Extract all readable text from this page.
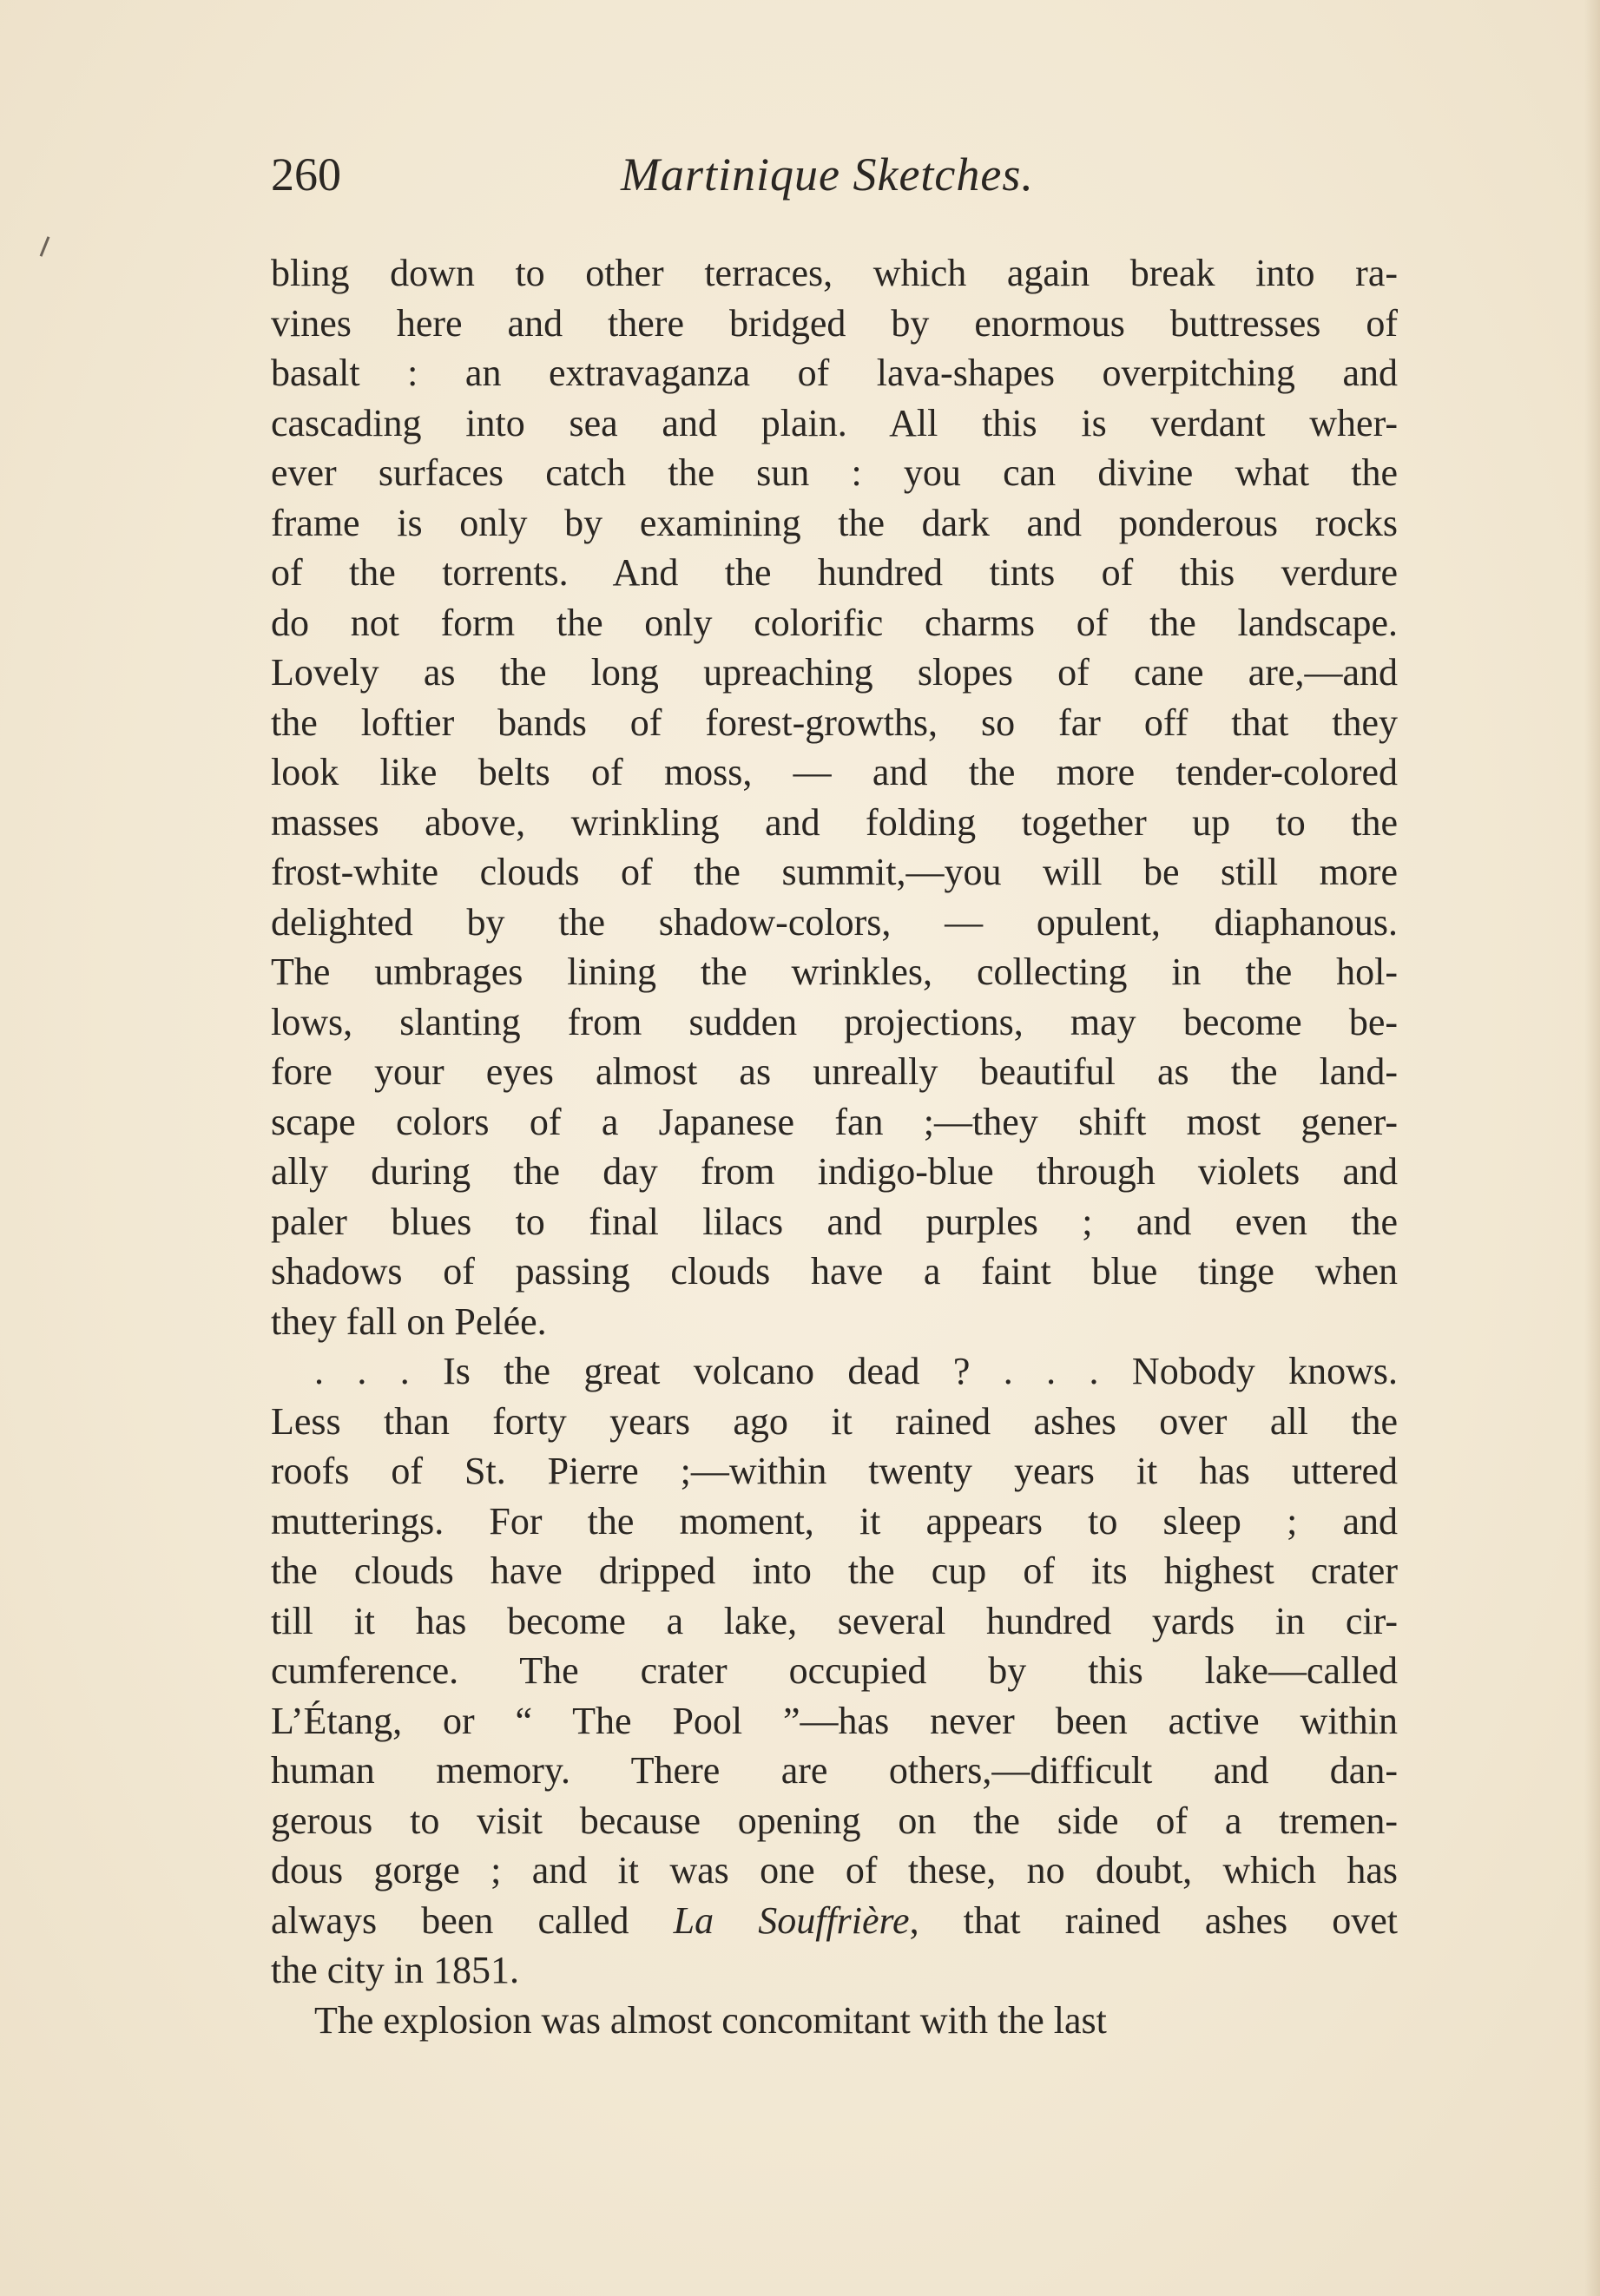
260	Martinique Sketches.
bling down to other terraces, which again break into ra-
vines here and there bridged by enormous buttresses of
basalt : an extravaganza of lava-shapes overpitching and
cascading into sea and plain. All this is verdant wher-
ever surfaces catch the sun : you can divine what the
frame is only by examining the dark and ponderous rocks
of the torrents. And the hundred tints of this verdure
do not form the only colorific charms of the landscape.
Lovely as the long upreaching slopes of cane are,—and
the loftier bands of forest-growths, so far off that they
look like belts of moss, — and the more tender-colored
masses above, wrinkling and folding together up to the
frost-white clouds of the summit,—you will be still more
delighted by the shadow-colors, — opulent, diaphanous.
The umbrages lining the wrinkles, collecting in the hol-
lows, slanting from sudden projections, may become be-
fore your eyes almost as unreally beautiful as the land-
scape colors of a Japanese fan ;—they shift most gener-
ally during the day from indigo-blue through violets and
paler blues to final lilacs and purples ; and even the
shadows of passing clouds have a faint blue tinge when
they fall on Pelée.
. . . Is the great volcano dead ? . . . Nobody knows.
Less than forty years ago it rained ashes over all the
roofs of St. Pierre ;—within twenty years it has uttered
mutterings. For the moment, it appears to sleep ; and
the clouds have dripped into the cup of its highest crater
till it has become a lake, several hundred yards in cir-
cumference. The crater occupied by this lake—called
L’Étang, or “ The Pool ”—has never been active within
human memory. There are others,—difficult and dan-
gerous to visit because opening on the side of a tremen-
dous gorge ; and it was one of these, no doubt, which has
always been called La Souffrière, that rained ashes ovet
the city in 1851.
The explosion was almost concomitant with the last
